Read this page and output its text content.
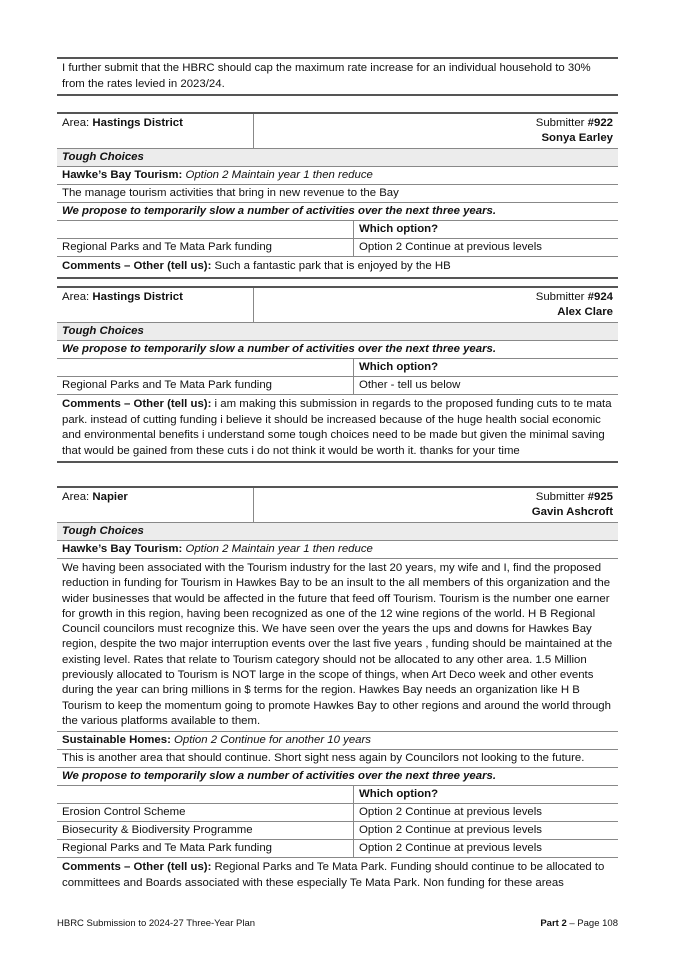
I further submit that the HBRC should cap the maximum rate increase for an individual household to 30% from the rates levied in 2023/24.
Area: Hastings District	Submitter #922
Sonya Earley
Tough Choices
Hawke’s Bay Tourism: Option 2 Maintain year 1 then reduce
The manage tourism activities that bring in new revenue to the Bay
We propose to temporarily slow a number of activities over the next three years.
Which option?
Regional Parks and Te Mata Park funding	Option 2 Continue at previous levels
Comments – Other (tell us): Such a fantastic park that is enjoyed by the HB
Area: Hastings District	Submitter #924
Alex Clare
Tough Choices
We propose to temporarily slow a number of activities over the next three years.
Which option?
Regional Parks and Te Mata Park funding	Other - tell us below
Comments – Other (tell us): i am making this submission in regards to the proposed funding cuts to te mata park. instead of cutting funding i believe it should be increased because of the huge health social economic and environmental benefits i understand some tough choices need to be made but given the minimal saving that would be gained from these cuts i do not think it would be worth it. thanks for your time
Area: Napier	Submitter #925
Gavin Ashcroft
Tough Choices
Hawke’s Bay Tourism: Option 2 Maintain year 1 then reduce
We having been associated with the Tourism industry for the last 20 years, my wife and I, find the proposed reduction in funding for Tourism in Hawkes Bay to be an insult to the all members of this organization and the wider businesses that would be affected in the future that feed off Tourism. Tourism is the number one earner for growth in this region, having been recognized as one of the 12 wine regions of the world. H B Regional Council councilors must recognize this. We have seen over the years the ups and downs for Hawkes Bay region, despite the two major interruption events over the last five years , funding should be maintained at the existing level. Rates that relate to Tourism category should not be allocated to any other area. 1.5 Million previously allocated to Tourism is NOT large in the scope of things, when Art Deco week and other events during the year can bring millions in $ terms for the region. Hawkes Bay needs an organization like H B Tourism to keep the momentum going to promote Hawkes Bay to other regions and around the world through the various platforms available to them.
Sustainable Homes: Option 2 Continue for another 10 years
This is another area that should continue. Short sight ness again by Councilors not looking to the future.
We propose to temporarily slow a number of activities over the next three years.
Which option?
Erosion Control Scheme	Option 2 Continue at previous levels
Biosecurity & Biodiversity Programme	Option 2 Continue at previous levels
Regional Parks and Te Mata Park funding	Option 2 Continue at previous levels
Comments – Other (tell us): Regional Parks and Te Mata Park. Funding should continue to be allocated to committees and Boards associated with these especially Te Mata Park. Non funding for these areas
HBRC Submission to 2024-27 Three-Year Plan	Part 2 – Page 108
